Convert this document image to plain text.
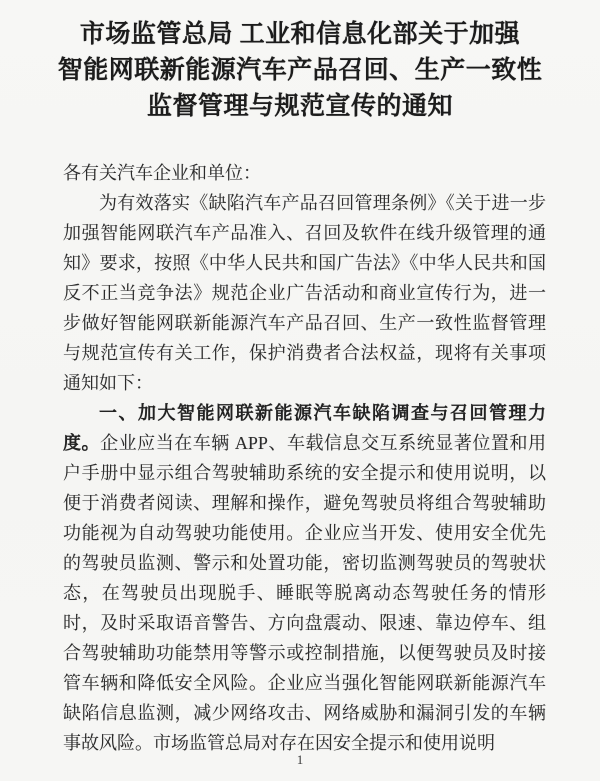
市场监管总局 工业和信息化部关于加强
智能网联新能源汽车产品召回、生产一致性
监督管理与规范宣传的通知

各有关汽车企业和单位：

为有效落实《缺陷汽车产品召回管理条例》《关于进一步加强智能网联汽车产品准入、召回及软件在线升级管理的通知》要求，按照《中华人民共和国广告法》《中华人民共和国反不正当竞争法》规范企业广告活动和商业宣传行为，进一步做好智能网联新能源汽车产品召回、生产一致性监督管理与规范宣传有关工作，保护消费者合法权益，现将有关事项通知如下：

一、加大智能网联新能源汽车缺陷调查与召回管理力度。企业应当在车辆 APP、车载信息交互系统显著位置和用户手册中显示组合驾驶辅助系统的安全提示和使用说明，以便于消费者阅读、理解和操作，避免驾驶员将组合驾驶辅助功能视为自动驾驶功能使用。企业应当开发、使用安全优先的驾驶员监测、警示和处置功能，密切监测驾驶员的驾驶状态，在驾驶员出现脱手、睡眠等脱离动态驾驶任务的情形时，及时采取语音警告、方向盘震动、限速、靠边停车、组合驾驶辅助功能禁用等警示或控制措施，以便驾驶员及时接管车辆和降低安全风险。企业应当强化智能网联新能源汽车缺陷信息监测，减少网络攻击、网络威胁和漏洞引发的车辆事故风险。市场监管总局对存在因安全提示和使用说明

1
